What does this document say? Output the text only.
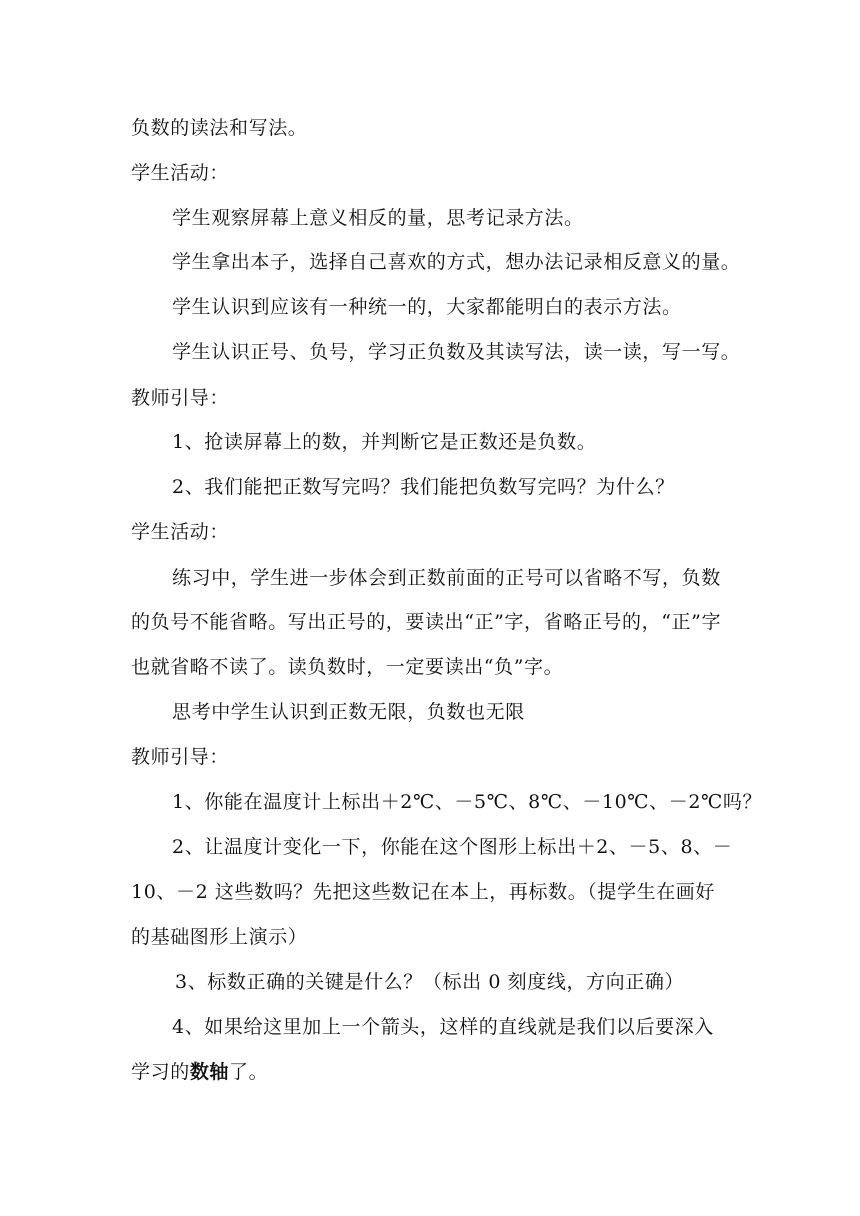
负数的读法和写法。
学生活动：
学生观察屏幕上意义相反的量，思考记录方法。
学生拿出本子，选择自己喜欢的方式，想办法记录相反意义的量。
学生认识到应该有一种统一的，大家都能明白的表示方法。
学生认识正号、负号，学习正负数及其读写法，读一读，写一写。
教师引导：
1、抢读屏幕上的数，并判断它是正数还是负数。
2、我们能把正数写完吗？我们能把负数写完吗？为什么？
学生活动：
练习中，学生进一步体会到正数前面的正号可以省略不写，负数
的负号不能省略。写出正号的，要读出“正”字，省略正号的，“正”字
也就省略不读了。读负数时，一定要读出“负”字。
思考中学生认识到正数无限，负数也无限
教师引导：
1、你能在温度计上标出＋2℃、－5℃、8℃、－10℃、－2℃吗？
2、让温度计变化一下，你能在这个图形上标出＋2、－5、8、－
10、－2 这些数吗？先把这些数记在本上，再标数。（提学生在画好
的基础图形上演示）
3、标数正确的关键是什么？（标出 0 刻度线，方向正确）
4、如果给这里加上一个箭头，这样的直线就是我们以后要深入
学习的数轴了。
